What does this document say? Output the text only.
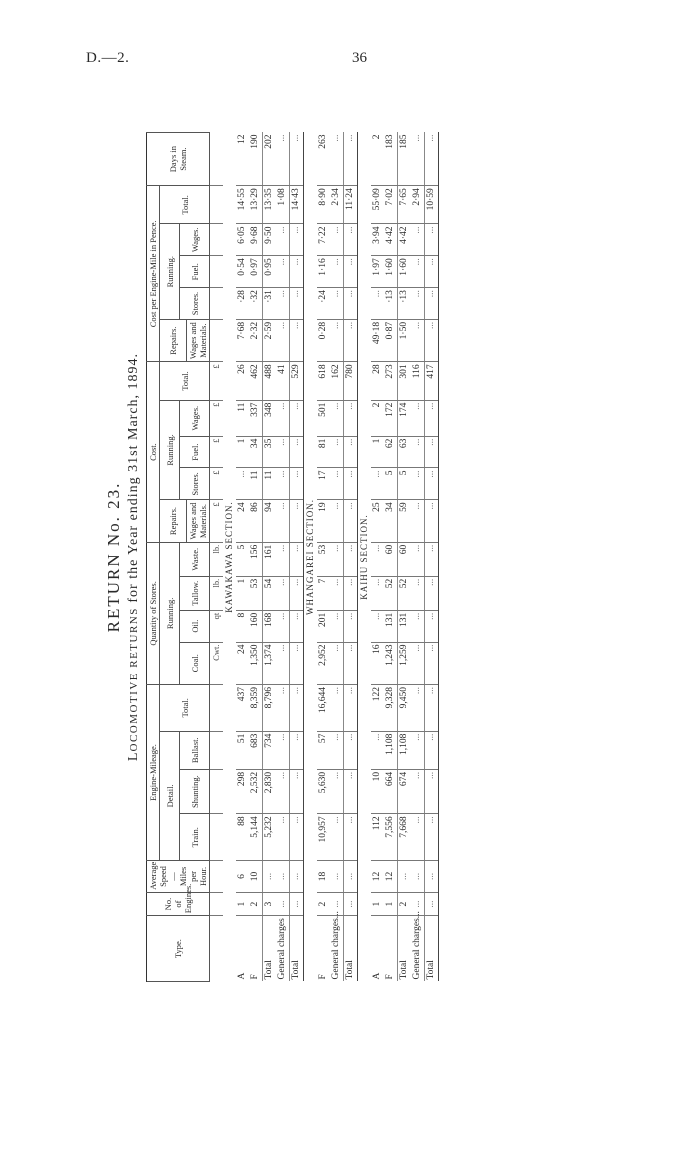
D.—2.	36
RETURN No. 23.
LOCOMOTIVE RETURNS for the Year ending 31st March, 1894.
Type.	No. of Engines.	Average Speed — Miles per Hour.	Engine-Mileage.				Quantity of Stores.				Cost.					Cost per Engine-Mile in Pence.					Days in Steam.
			Detail.			Total.	Running.				Repairs.	Running.			Total.	Repairs.	Running.			Total.	
			Train.	Shunting.	Ballast.		Coal.	Oil.	Tallow.	Waste.		Stores.	Fuel.	Wages.			Stores.	Fuel.	Wages.		
											Wages and Materials.					Wages and Materials.					
							Cwt.	qt	lb.	lb.	£	£	£	£	£						
KAWAKAWA SECTION.																					
A	1	6	88	298	51	437	24	8	1	5	24	...	1	11	26	7·68	·28	0·54	6·05	14·55	12
F	2	10	5,144	2,532	683	8,359	1,350	160	53	156	86	11	34	337	462	2·32	·32	0·97	9·68	13·29	190
Total	3	...	5,232	2,830	734	8,796	1,374	168	54	161	94	11	35	348	488	2·59	·31	0·95	9·50	13·35	202
General charges	...	...	...	...	...	...	...	...	...	...	...	...	...	...	41	...	...	...	...	1·08	...
Total	...	...	...	...	...	...	...	...	...	...	...	...	...	...	529	...	...	...	...	14·43	...
WHANGAREI SECTION.																					
F	2	18	10,957	5,630	57	16,644	2,952	201	7	53	19	17	81	501	618	0·28	·24	1·16	7·22	8·90	263
General charges...	...	...	...	...	...	...	...	...	...	...	...	...	...	...	162	...	...	...	...	2·34	...
Total	...	...	...	...	...	...	...	...	...	...	...	...	...	...	780	...	...	...	...	11·24	...
KAIHU SECTION.																					
A	1	12	112	10	...	122	16	...	...	...	25	...	1	2	28	49·18	...	1·97	3·94	55·09	2
F	1	12	7,556	664	1,108	9,328	1,243	131	52	60	34	5	62	172	273	0·87	·13	1·60	4·42	7·02	183
Total	2	...	7,668	674	1,108	9,450	1,259	131	52	60	59	5	63	174	301	1·50	·13	1·60	4·42	7·65	185
General charges...	...	...	...	...	...	...	...	...	...	...	...	...	...	...	116	...	...	...	...	2·94	...
Total	...	...	...	...	...	...	...	...	...	...	...	...	...	...	417	...	...	...	...	10·59	...
